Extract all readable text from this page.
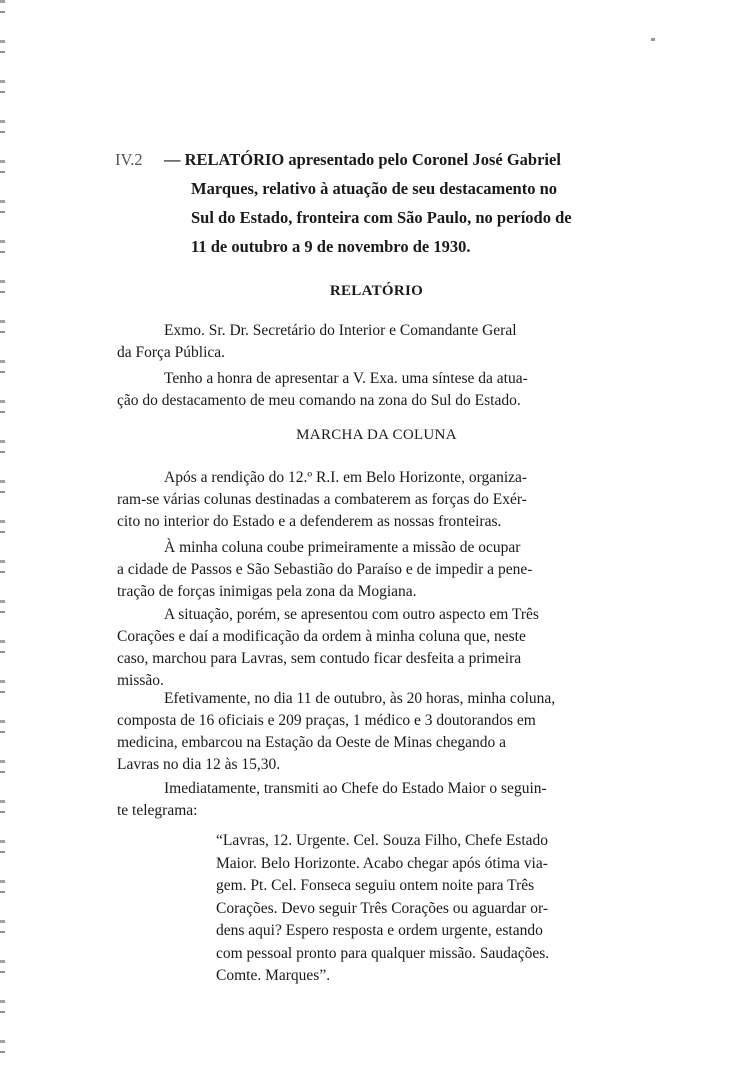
IV.2 — RELATÓRIO apresentado pelo Coronel José Gabriel
Marques, relativo à atuação de seu destacamento no
Sul do Estado, fronteira com São Paulo, no período de
11 de outubro a 9 de novembro de 1930.
RELATÓRIO
Exmo. Sr. Dr. Secretário do Interior e Comandante Geral
da Força Pública.
Tenho a honra de apresentar a V. Exa. uma síntese da atua-
ção do destacamento de meu comando na zona do Sul do Estado.
MARCHA DA COLUNA
Após a rendição do 12.º R.I. em Belo Horizonte, organiza-
ram-se várias colunas destinadas a combaterem as forças do Exér-
cito no interior do Estado e a defenderem as nossas fronteiras.
À minha coluna coube primeiramente a missão de ocupar
a cidade de Passos e São Sebastião do Paraíso e de impedir a pene-
tração de forças inimigas pela zona da Mogiana.
A situação, porém, se apresentou com outro aspecto em Três
Corações e daí a modificação da ordem à minha coluna que, neste
caso, marchou para Lavras, sem contudo ficar desfeita a primeira
missão.
Efetivamente, no dia 11 de outubro, às 20 horas, minha coluna,
composta de 16 oficiais e 209 praças, 1 médico e 3 doutorandos em
medicina, embarcou na Estação da Oeste de Minas chegando a
Lavras no dia 12 às 15,30.
Imediatamente, transmiti ao Chefe do Estado Maior o seguin-
te telegrama:
“Lavras, 12. Urgente. Cel. Souza Filho, Chefe Estado
Maior. Belo Horizonte. Acabo chegar após ótima via-
gem. Pt. Cel. Fonseca seguiu ontem noite para Três
Corações. Devo seguir Três Corações ou aguardar or-
dens aqui? Espero resposta e ordem urgente, estando
com pessoal pronto para qualquer missão. Saudações.
Comte. Marques”.
